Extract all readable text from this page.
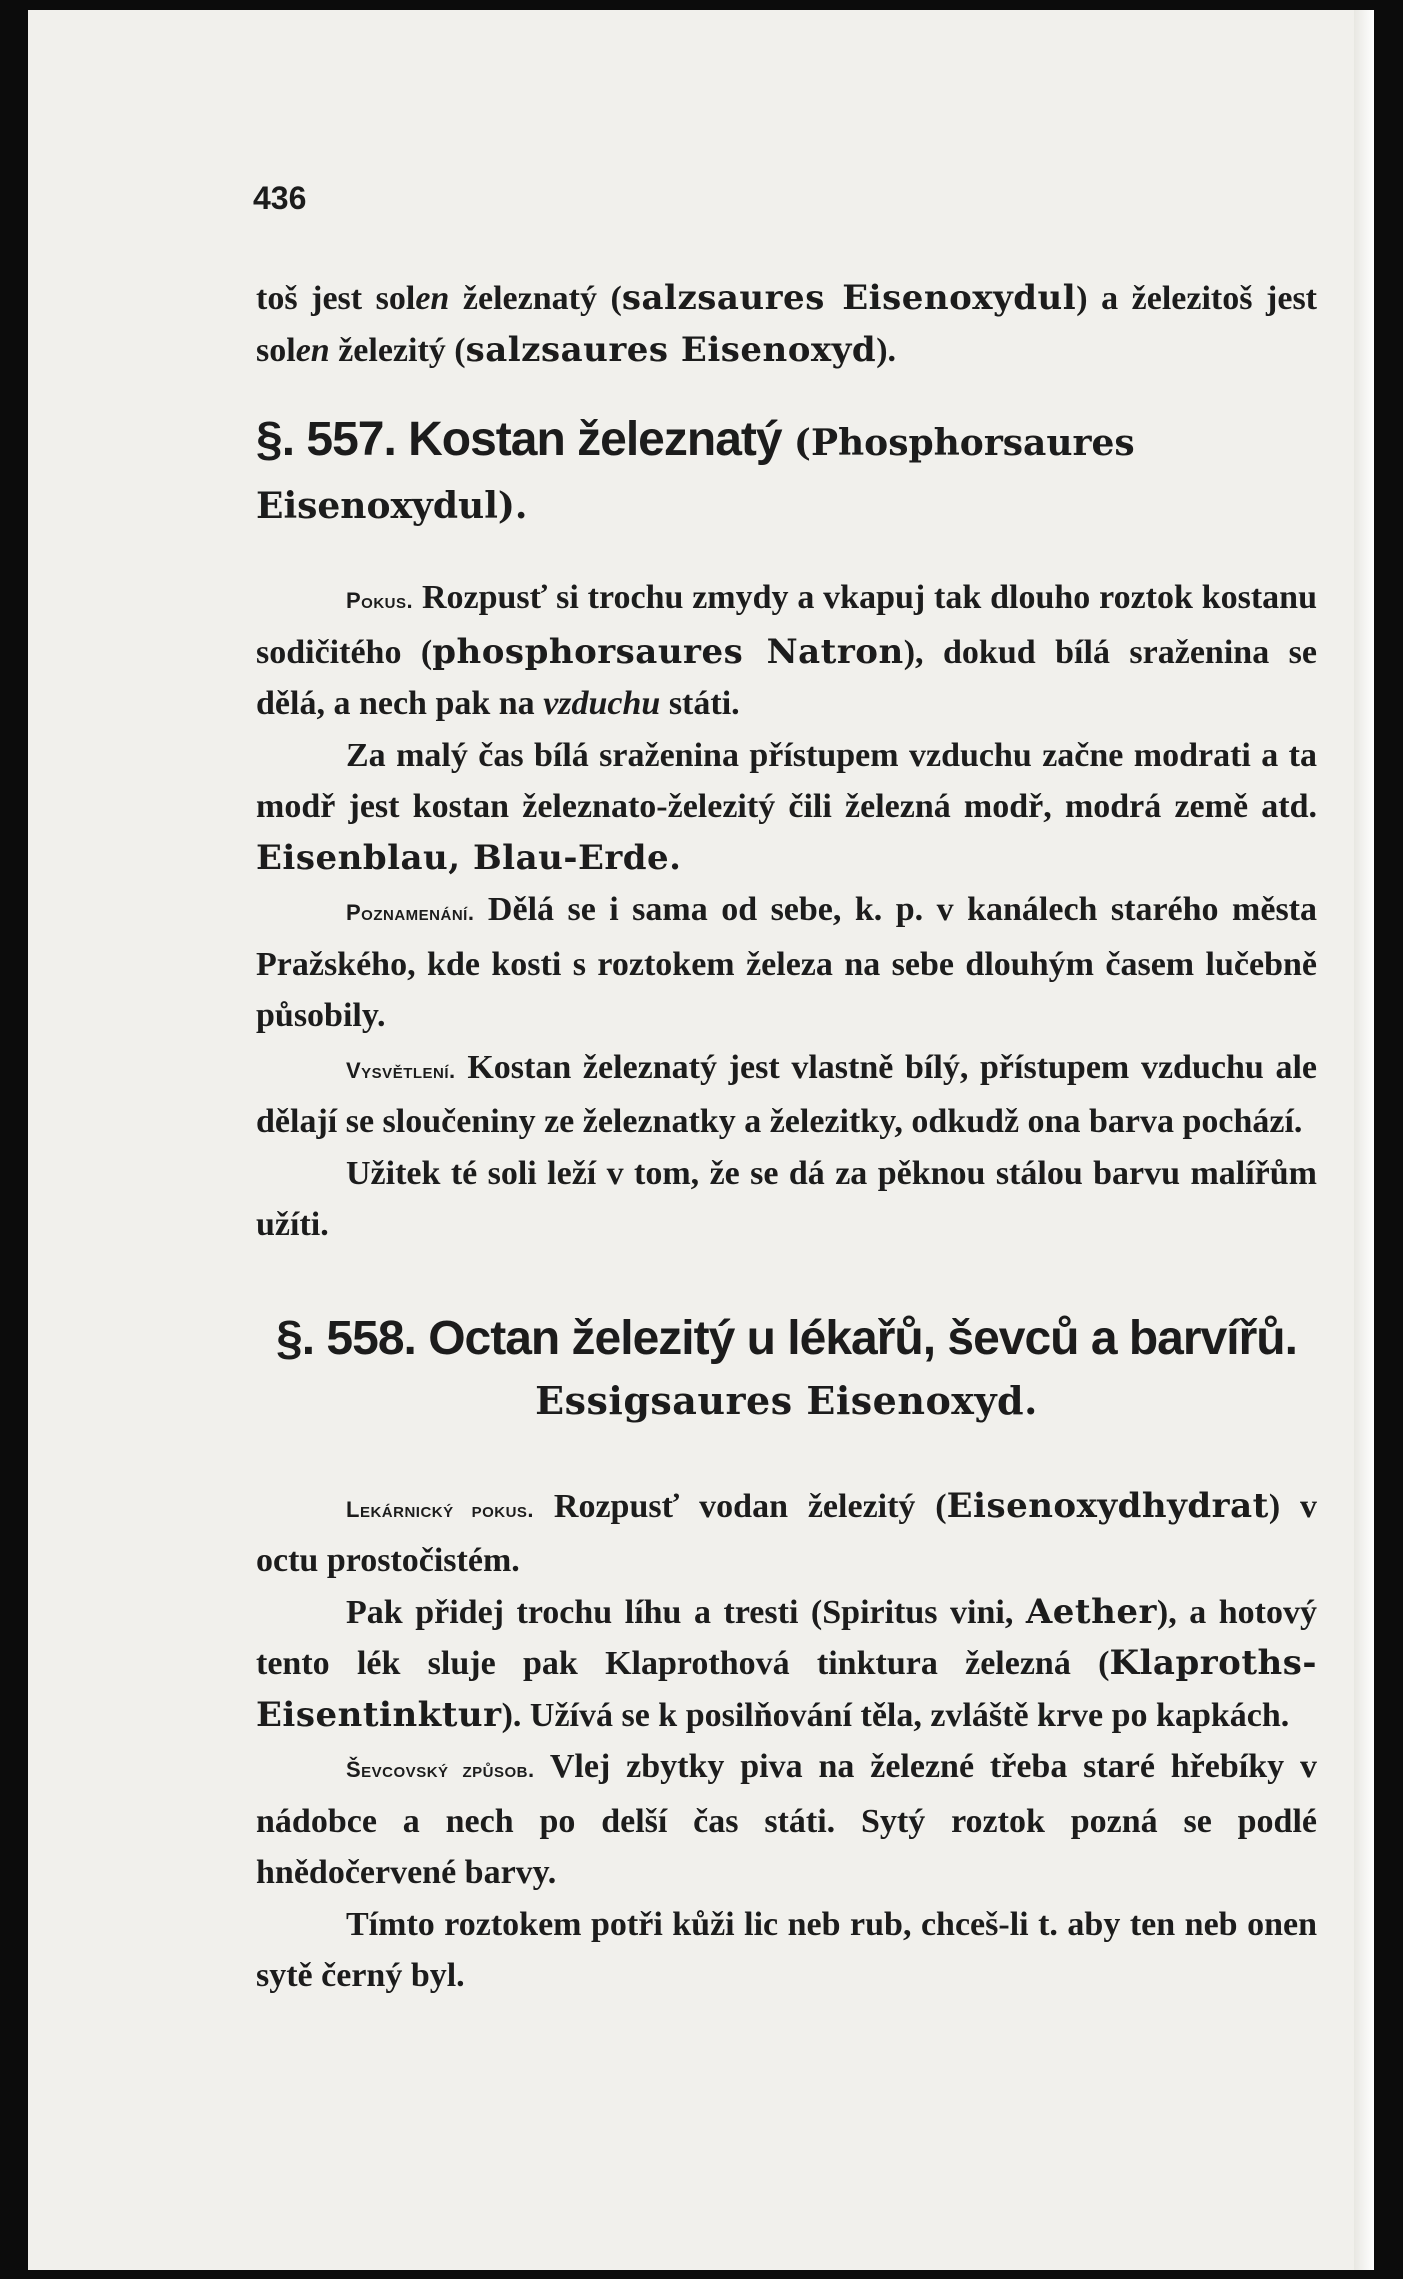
436

toš jest solen železnatý (salzsaures Eisenoxydul) a železitoš jest solen železitý (salzsaures Eisenoxyd).

§. 557. Kostan železnatý (Phosphorsaures Eisenoxydul).

Pokus. Rozpusť si trochu zmydy a vkapuj tak dlouho roztok kostanu sodičitého (phosphorsaures Natron), dokud bílá sraženina se dělá, a nech pak na vzduchu státi.

Za malý čas bílá sraženina přístupem vzduchu začne modrati a ta modř jest kostan železnato-železitý čili železná modř, modrá země atd. Eisenblau, Blau-Erde.

Poznamenání. Dělá se i sama od sebe, k. p. v kanálech starého města Pražského, kde kosti s roztokem železa na sebe dlouhým časem lučebně působily.

Vysvětlení. Kostan železnatý jest vlastně bílý, přístupem vzduchu ale dělají se sloučeniny ze železnatky a železitky, odkudž ona barva pochází.

Užitek té soli leží v tom, že se dá za pěknou stálou barvu malířům užíti.

§. 558. Octan železitý u lékařů, ševců a barvířů.
Essigsaures Eisenoxyd.

Lekárnický pokus. Rozpusť vodan železitý (Eisenoxydhydrat) v octu prostočistém.

Pak přidej trochu líhu a tresti (Spiritus vini, Aether), a hotový tento lék sluje pak Klaprothová tinktura železná (Klaproths-Eisentinktur). Užívá se k posilňování těla, zvláště krve po kapkách.

Ševcovský způsob. Vlej zbytky piva na železné třeba staré hřebíky v nádobce a nech po delší čas státi. Sytý roztok pozná se podlé hnědočervené barvy.

Tímto roztokem potři kůži lic neb rub, chceš-li t. aby ten neb onen sytě černý byl.
